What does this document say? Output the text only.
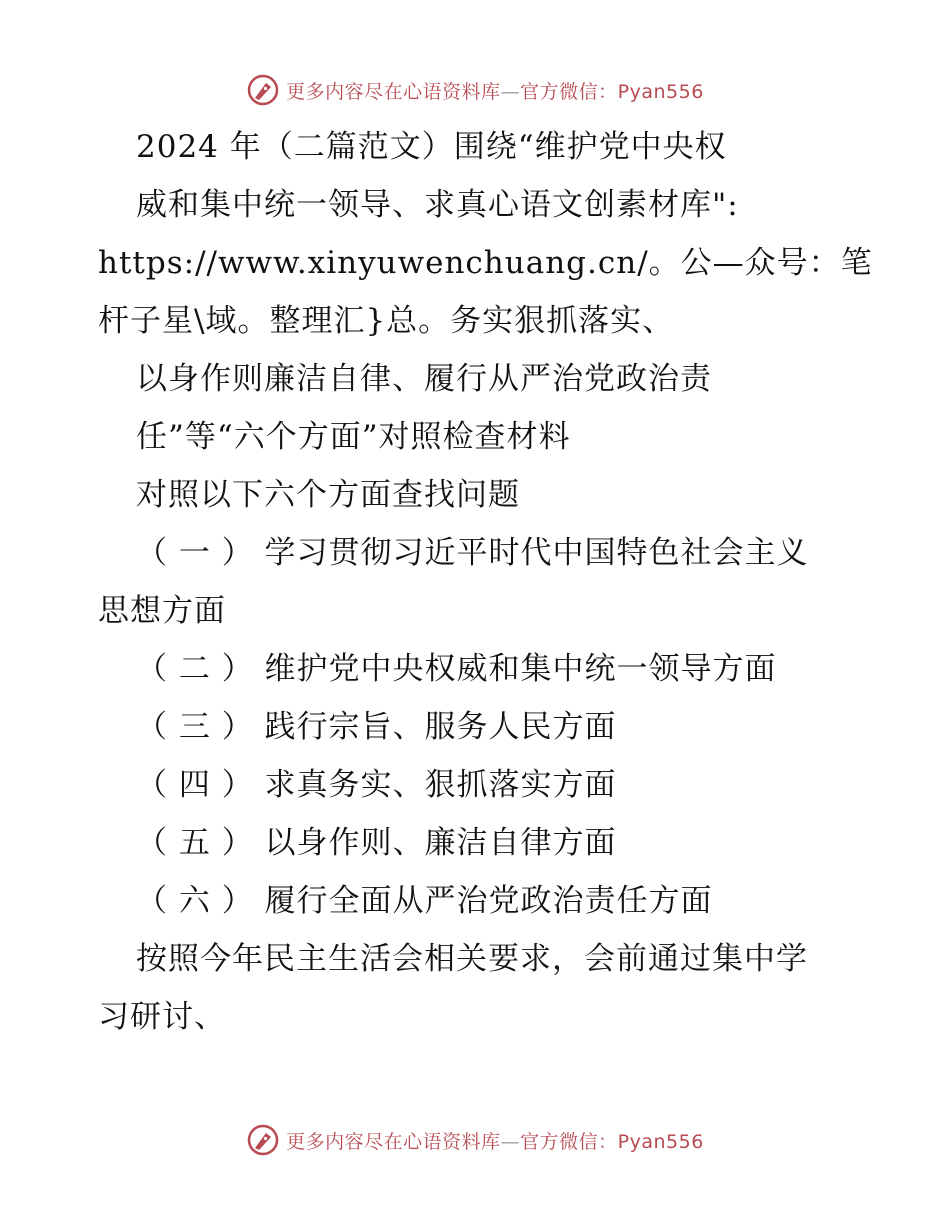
更多内容尽在心语资料库—官方微信：Pyan556
2024 年（二篇范文）围绕“维护党中央权
威和集中统一领导、求真心语文创素材库":
https://www.xinyuwenchuang.cn/。公—众号：笔
杆子星\域。整理汇}总。务实狠抓落实、
以身作则廉洁自律、履行从严治党政治责
任”等“六个方面”对照检查材料
对照以下六个方面查找问题
（ 一 ） 学习贯彻习近平时代中国特色社会主义
思想方面
（ 二 ） 维护党中央权威和集中统一领导方面
（ 三 ） 践行宗旨、服务人民方面
（ 四 ） 求真务实、狠抓落实方面
（ 五 ） 以身作则、廉洁自律方面
（ 六 ） 履行全面从严治党政治责任方面
按照今年民主生活会相关要求，会前通过集中学
习研讨、
更多内容尽在心语资料库—官方微信：Pyan556
